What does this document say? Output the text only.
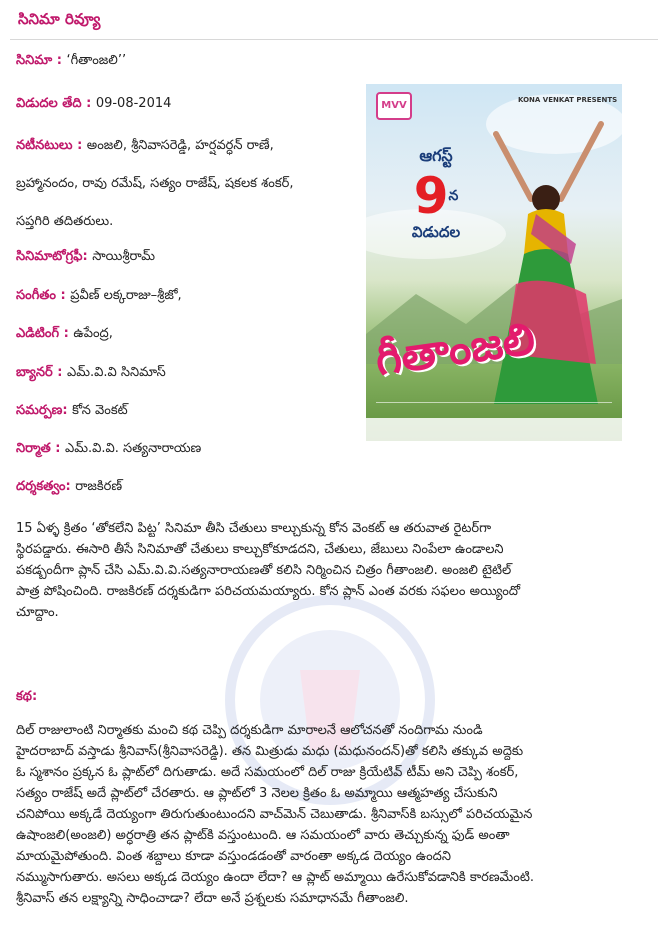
సినిమా రివ్యూ
సినిమా : ‘గీతాంజలి’’
విడుదల తేది : 09-08-2014
నటీనటులు : అంజలి, శ్రీనివాసరెడ్డి, హర్షవర్ధన్ రాణే,
బ్రహ్మానందం, రావు రమేష్, సత్యం రాజేష్, షకలక శంకర్,
సప్తగిరి తదితరులు.
సినిమాటోగ్రఫీ: సాయిశ్రీరామ్
సంగీతం : ప్రవీణ్ లక్కరాజు–శ్రీజో,
ఎడిటింగ్ : ఉపేంద్ర,
బ్యానర్ : ఎమ్.వి.వి సినిమాస్
సమర్పణ: కోన వెంకట్
నిర్మాత : ఎమ్.వి.వి. సత్యనారాయణ
దర్శకత్వం: రాజకిరణ్
MVV	KONA VENKAT PRESENTS
ఆగస్ట్
$9^న$
విడుదల
గీతాంజలి
15 ఏళ్ళ క్రితం ‘తోకలేని పిట్ట’ సినిమా తీసి చేతులు కాల్చుకున్న కోన వెంకట్ ఆ తరువాత రైటర్‌గా
స్థిరపడ్డారు. ఈసారి తీసే సినిమాతో చేతులు కాల్చుకోకూడదని, చేతులు, జేబులు నింపేలా ఉండాలని
పకడ్బందీగా ప్లాన్ చేసి ఎమ్.వి.వి.సత్యనారాయణతో కలిసి నిర్మించిన చిత్రం గీతాంజలి. అంజలి టైటిల్
పాత్ర పోషించింది. రాజకిరణ్ దర్శకుడిగా పరిచయమయ్యారు. కోన ప్లాన్ ఎంత వరకు సఫలం అయ్యిందో
చూద్దాం.
కథ:
దిల్ రాజులాంటి నిర్మాతకు మంచి కథ చెప్పి దర్శకుడిగా మారాలనే ఆలోచనతో నందిగామ నుండి
హైదరాబాద్ వస్తాడు శ్రీనివాస్(శ్రీనివాసరెడ్డి). తన మిత్రుడు మధు (మధునందన్)తో కలిసి తక్కువ అద్దెకు
ఓ స్మశానం ప్రక్కన ఓ ప్లాట్‌లో దిగుతాడు. అదే సమయంలో దిల్ రాజు క్రియేటివ్ టీమ్ అని చెప్పి శంకర్,
సత్యం రాజేష్ అదే ప్లాట్‌లో చేరతారు. ఆ ప్లాట్‌లో 3 నెలల క్రితం ఓ అమ్మాయి ఆత్మహత్య చేసుకుని
చనిపోయి అక్కడే దెయ్యంగా తిరుగుతుంటుందని వాచ్‌మెన్ చెబుతాడు. శ్రీనివాస్‌కి బస్సులో పరిచయమైన
ఉషాంజలి(అంజలి) అర్ధరాత్రి తన ప్లాట్‌కి వస్తుంటుంది. ఆ సమయంలో వారు తెచ్చుకున్న ఫుడ్ అంతా
మాయమైపోతుంది. వింత శబ్దాలు కూడా వస్తుండడంతో వారంతా అక్కడ దెయ్యం ఉందని
నమ్ముసాగుతారు. అసలు అక్కడ దెయ్యం ఉందా లేదా? ఆ ప్లాట్ అమ్మాయి ఉరేసుకోవడానికి కారణమేంటి.
శ్రీనివాస్ తన లక్ష్యాన్ని సాధించాడా? లేదా అనే ప్రశ్నలకు సమాధానమే గీతాంజలి.
